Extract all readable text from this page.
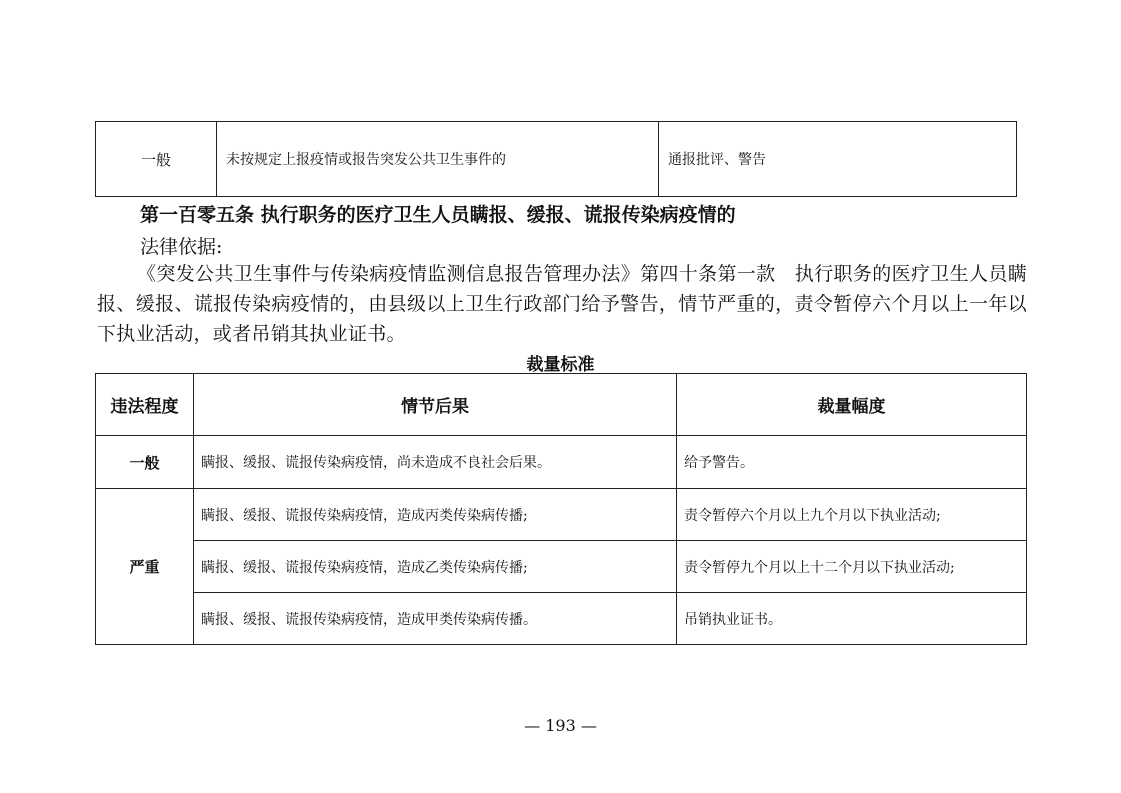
一般	未按规定上报疫情或报告突发公共卫生事件的	通报批评、警告
第一百零五条 执行职务的医疗卫生人员瞒报、缓报、谎报传染病疫情的
法律依据:
《突发公共卫生事件与传染病疫情监测信息报告管理办法》第四十条第一款　执行职务的医疗卫生人员瞒报、缓报、谎报传染病疫情的，由县级以上卫生行政部门给予警告，情节严重的，责令暂停六个月以上一年以下执业活动，或者吊销其执业证书。
裁量标准
违法程度	情节后果	裁量幅度
一般	瞒报、缓报、谎报传染病疫情，尚未造成不良社会后果。	给予警告。
严重	瞒报、缓报、谎报传染病疫情，造成丙类传染病传播;	责令暂停六个月以上九个月以下执业活动;
	瞒报、缓报、谎报传染病疫情，造成乙类传染病传播;	责令暂停九个月以上十二个月以下执业活动;
	瞒报、缓报、谎报传染病疫情，造成甲类传染病传播。	吊销执业证书。
— 193 —
